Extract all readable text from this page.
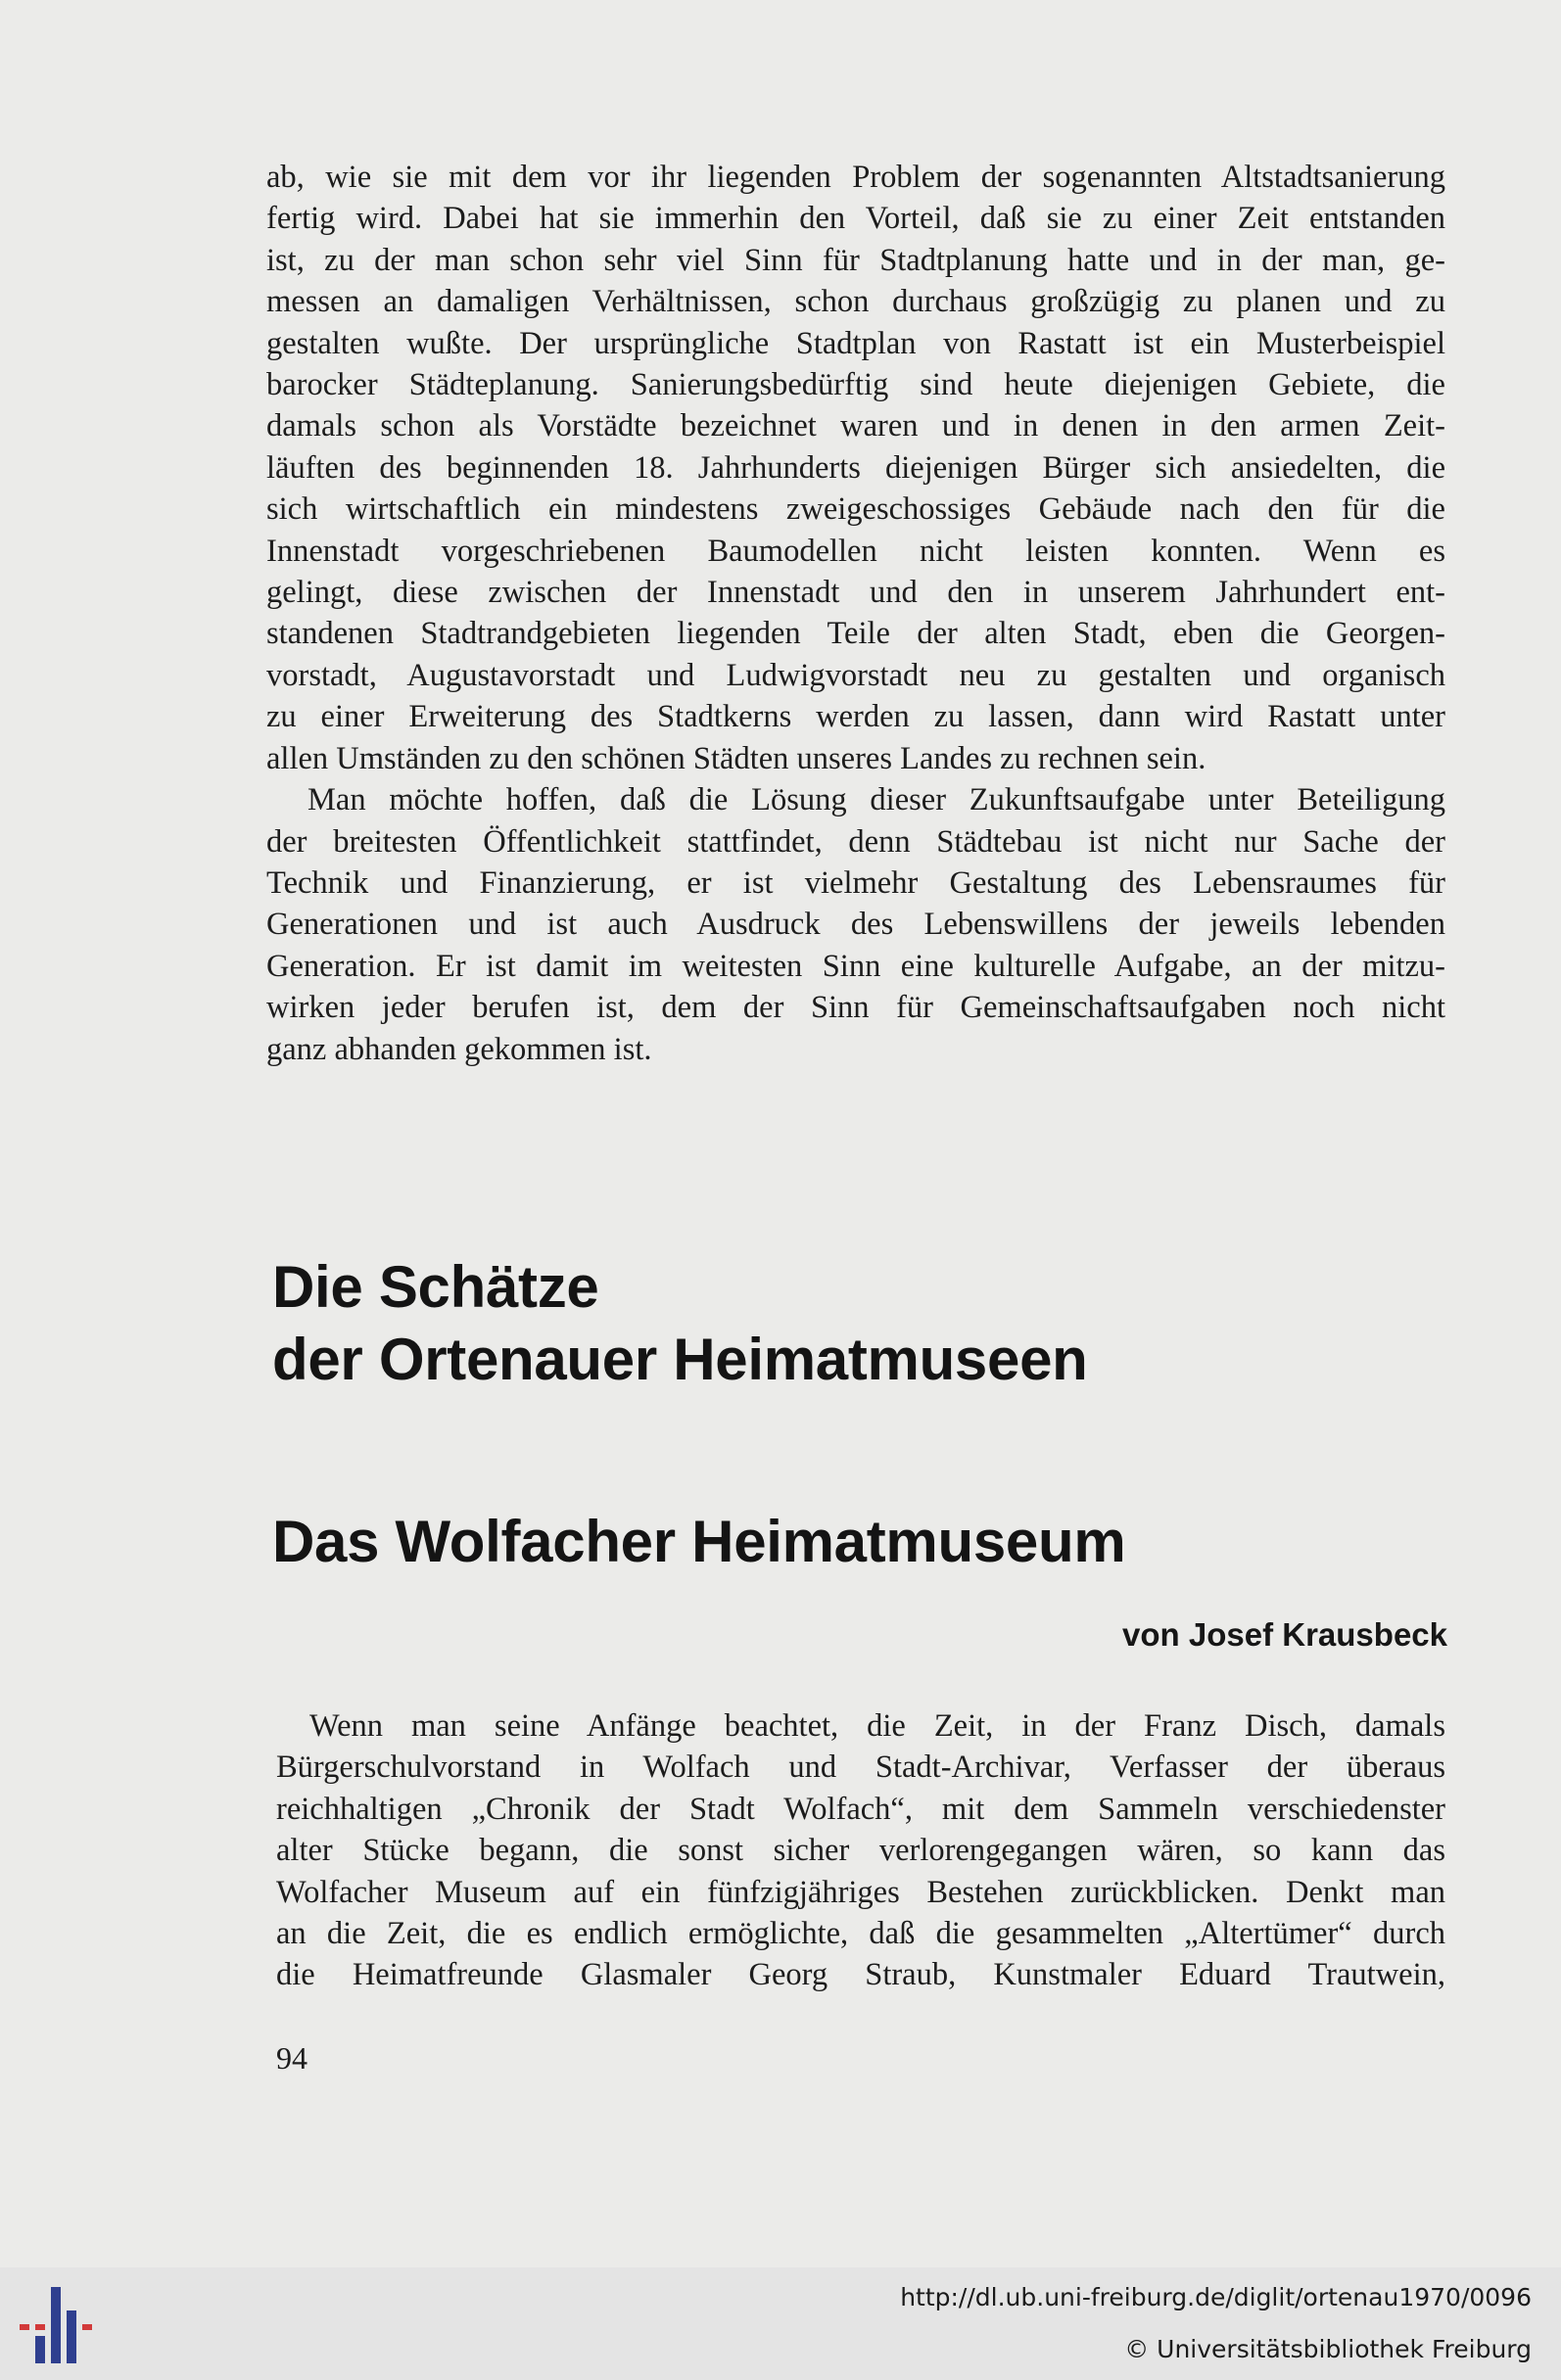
ab, wie sie mit dem vor ihr liegenden Problem der sogenannten Altstadtsanierung
fertig wird. Dabei hat sie immerhin den Vorteil, daß sie zu einer Zeit entstanden
ist, zu der man schon sehr viel Sinn für Stadtplanung hatte und in der man, ge-
messen an damaligen Verhältnissen, schon durchaus großzügig zu planen und zu
gestalten wußte. Der ursprüngliche Stadtplan von Rastatt ist ein Musterbeispiel
barocker Städteplanung. Sanierungsbedürftig sind heute diejenigen Gebiete, die
damals schon als Vorstädte bezeichnet waren und in denen in den armen Zeit-
läuften des beginnenden 18. Jahrhunderts diejenigen Bürger sich ansiedelten, die
sich wirtschaftlich ein mindestens zweigeschossiges Gebäude nach den für die
Innenstadt vorgeschriebenen Baumodellen nicht leisten konnten. Wenn es
gelingt, diese zwischen der Innenstadt und den in unserem Jahrhundert ent-
standenen Stadtrandgebieten liegenden Teile der alten Stadt, eben die Georgen-
vorstadt, Augustavorstadt und Ludwigvorstadt neu zu gestalten und organisch
zu einer Erweiterung des Stadtkerns werden zu lassen, dann wird Rastatt unter
allen Umständen zu den schönen Städten unseres Landes zu rechnen sein.

Man möchte hoffen, daß die Lösung dieser Zukunftsaufgabe unter Beteiligung
der breitesten Öffentlichkeit stattfindet, denn Städtebau ist nicht nur Sache der
Technik und Finanzierung, er ist vielmehr Gestaltung des Lebensraumes für
Generationen und ist auch Ausdruck des Lebenswillens der jeweils lebenden
Generation. Er ist damit im weitesten Sinn eine kulturelle Aufgabe, an der mitzu-
wirken jeder berufen ist, dem der Sinn für Gemeinschaftsaufgaben noch nicht
ganz abhanden gekommen ist.

Die Schätze
der Ortenauer Heimatmuseen
Das Wolfacher Heimatmuseum

von Josef Krausbeck

Wenn man seine Anfänge beachtet, die Zeit, in der Franz Disch, damals
Bürgerschulvorstand in Wolfach und Stadt-Archivar, Verfasser der überaus
reichhaltigen „Chronik der Stadt Wolfach“, mit dem Sammeln verschiedenster
alter Stücke begann, die sonst sicher verlorengegangen wären, so kann das
Wolfacher Museum auf ein fünfzigjähriges Bestehen zurückblicken. Denkt man
an die Zeit, die es endlich ermöglichte, daß die gesammelten „Altertümer“ durch
die Heimatfreunde Glasmaler Georg Straub, Kunstmaler Eduard Trautwein,

94

http://dl.ub.uni-freiburg.de/diglit/ortenau1970/0096

© Universitätsbibliothek Freiburg
